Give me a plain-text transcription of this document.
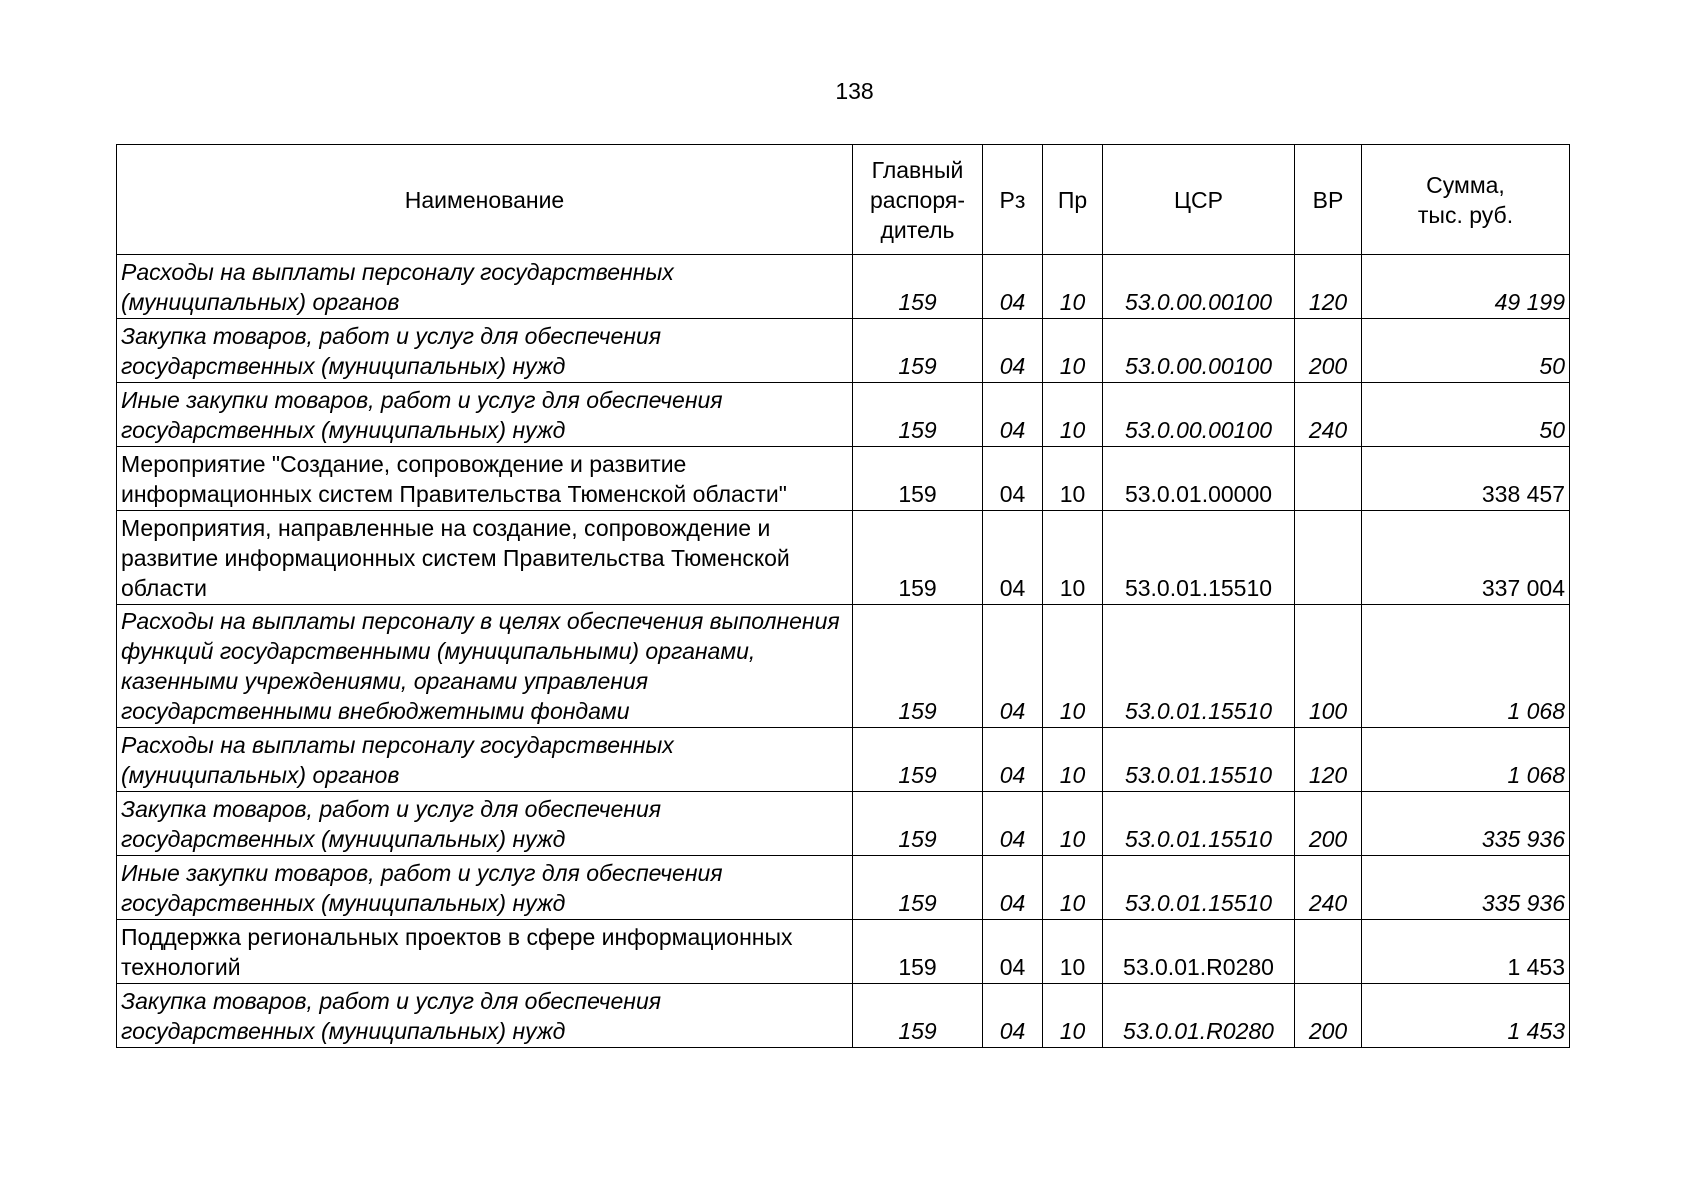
138
Наименование	Главный
распоря-
дитель	Рз	Пр	ЦСР	ВР	Сумма,
тыс. руб.
Расходы на выплаты персоналу государственных (муниципальных) органов	159	04	10	53.0.00.00100	120	49 199
Закупка товаров, работ и услуг для обеспечения государственных (муниципальных) нужд	159	04	10	53.0.00.00100	200	50
Иные закупки товаров, работ и услуг для обеспечения государственных (муниципальных) нужд	159	04	10	53.0.00.00100	240	50
Мероприятие "Создание, сопровождение и развитие информационных систем Правительства Тюменской области"	159	04	10	53.0.01.00000		338 457
Мероприятия, направленные на создание, сопровождение и развитие информационных систем Правительства Тюменской области	159	04	10	53.0.01.15510		337 004
Расходы на выплаты персоналу в целях обеспечения выполнения функций государственными (муниципальными) органами, казенными учреждениями, органами управления государственными внебюджетными фондами	159	04	10	53.0.01.15510	100	1 068
Расходы на выплаты персоналу государственных (муниципальных) органов	159	04	10	53.0.01.15510	120	1 068
Закупка товаров, работ и услуг для обеспечения государственных (муниципальных) нужд	159	04	10	53.0.01.15510	200	335 936
Иные закупки товаров, работ и услуг для обеспечения государственных (муниципальных) нужд	159	04	10	53.0.01.15510	240	335 936
Поддержка региональных проектов в сфере информационных технологий	159	04	10	53.0.01.R0280		1 453
Закупка товаров, работ и услуг для обеспечения государственных (муниципальных) нужд	159	04	10	53.0.01.R0280	200	1 453
